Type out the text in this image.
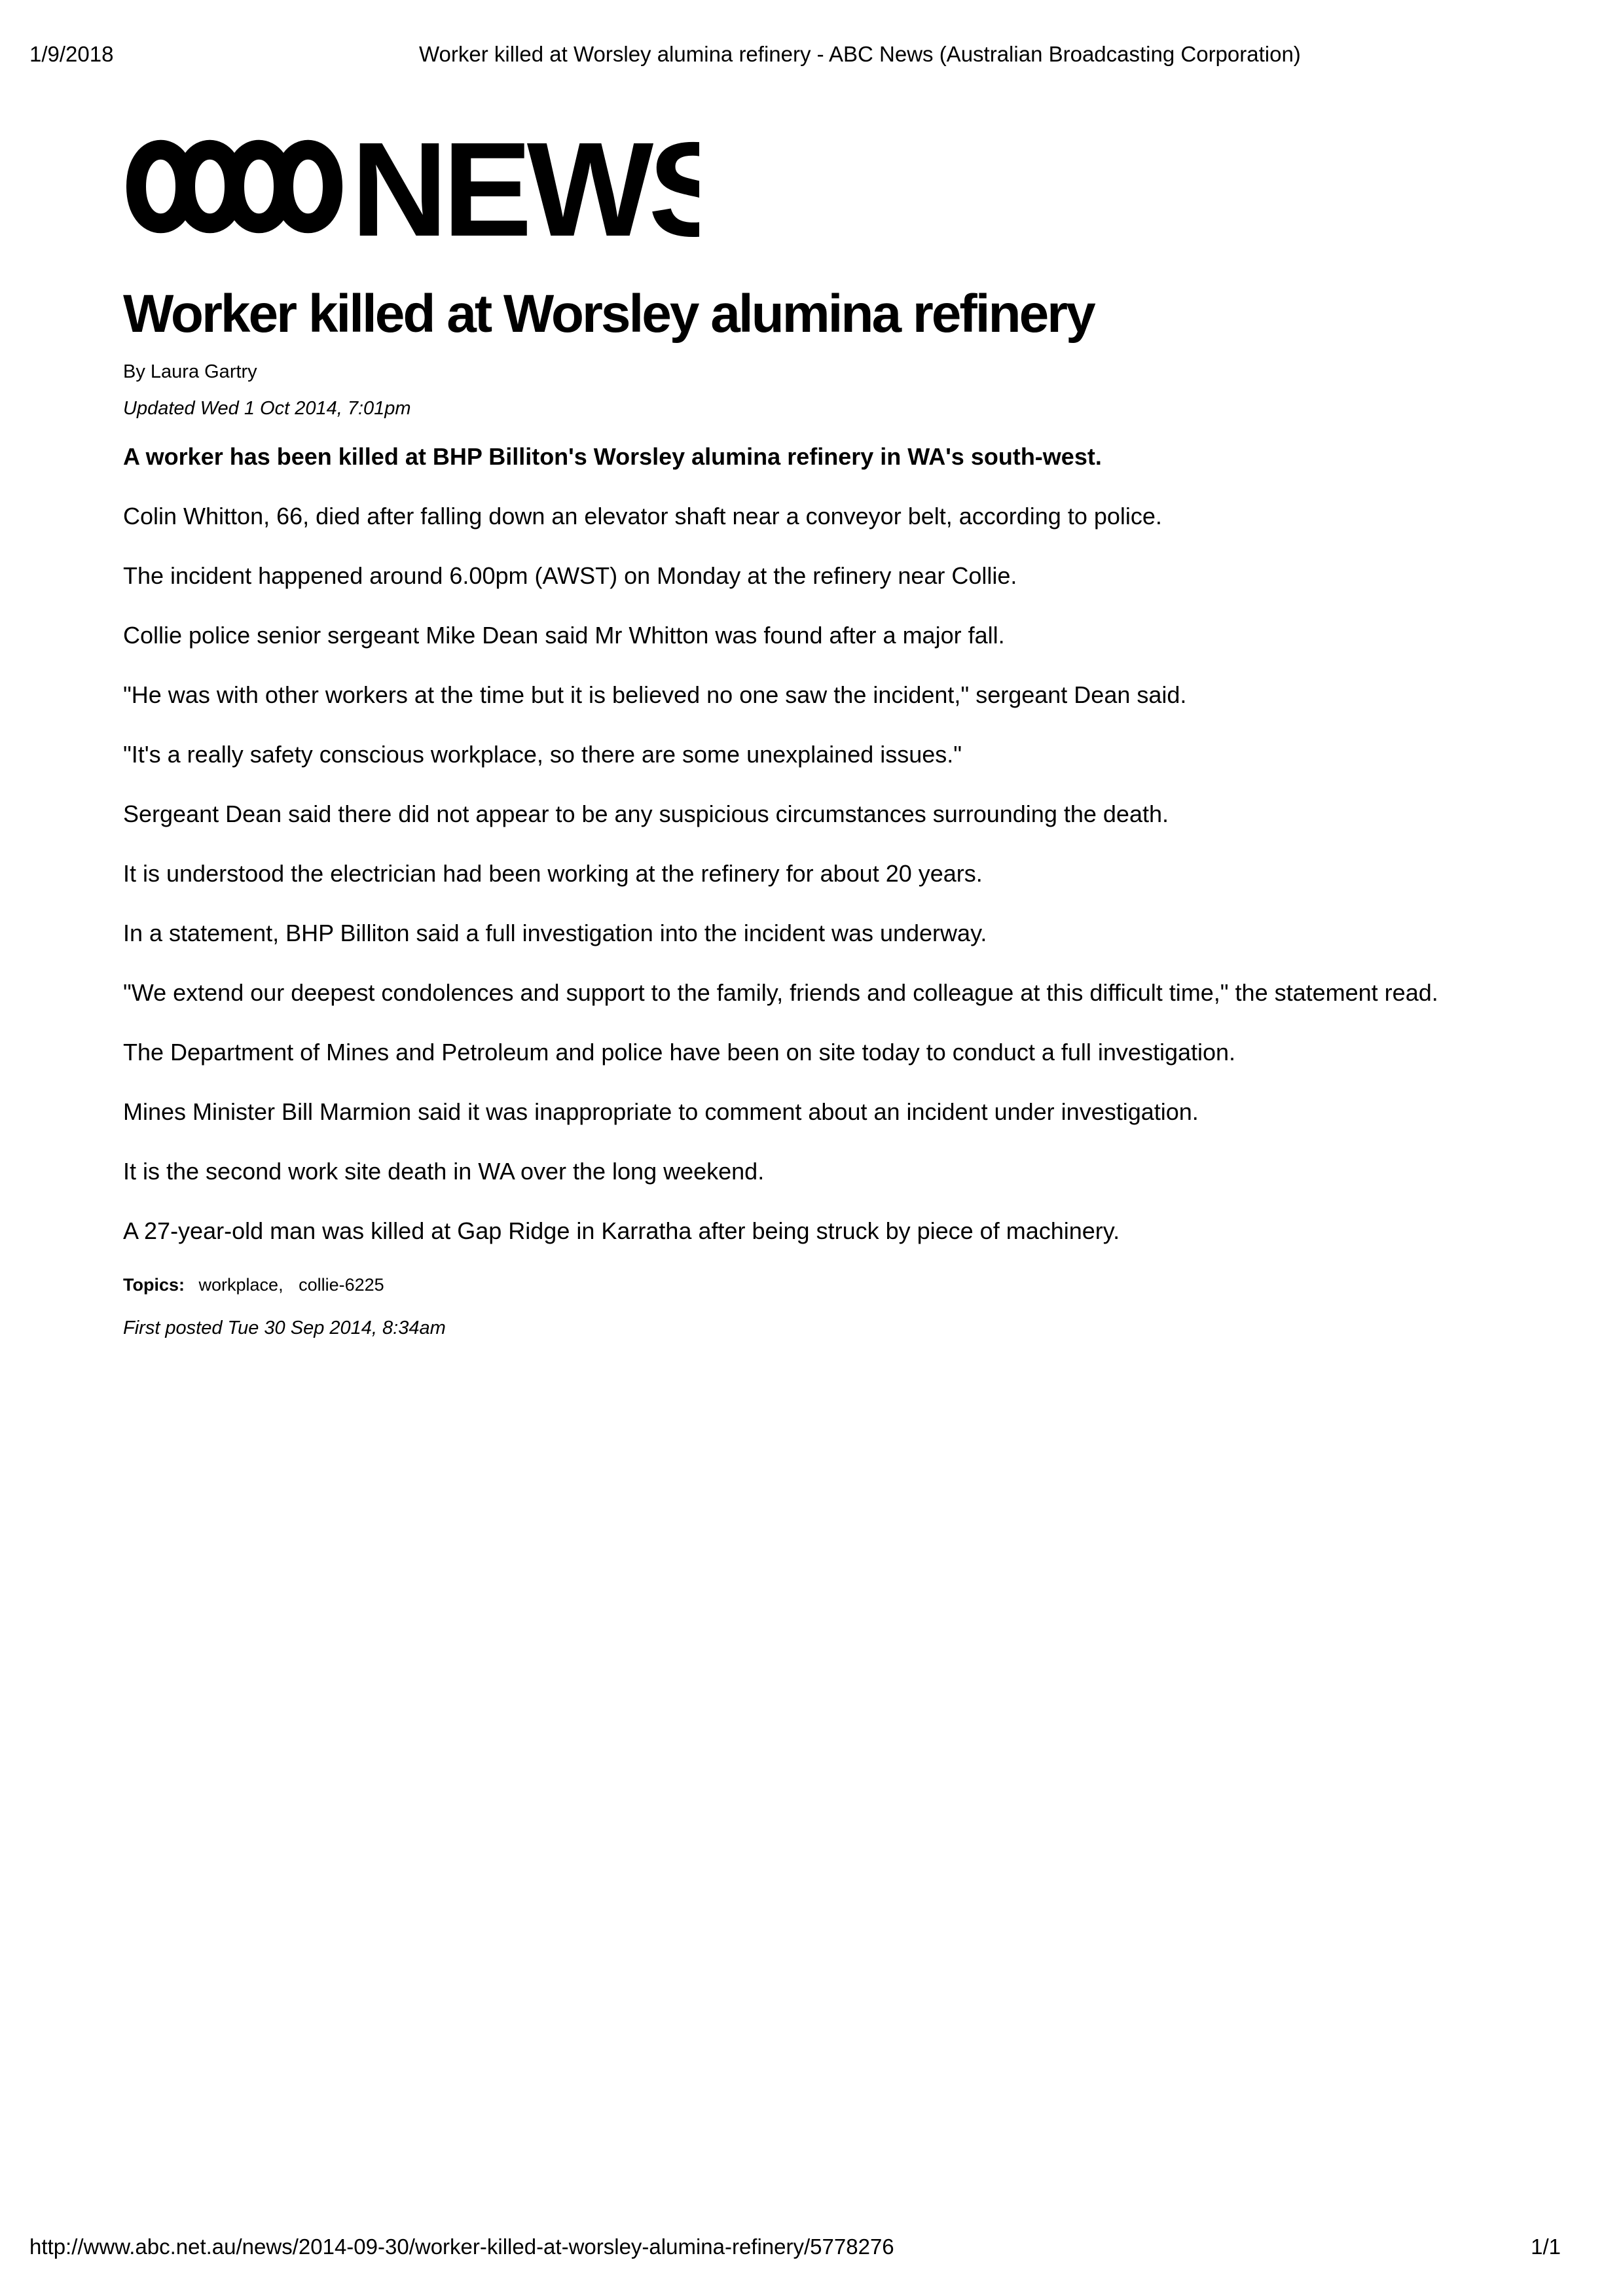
1/9/2018	Worker killed at Worsley alumina refinery - ABC News (Australian Broadcasting Corporation)
NEWS
Worker killed at Worsley alumina refinery
By Laura Gartry
Updated Wed 1 Oct 2014, 7:01pm
A worker has been killed at BHP Billiton's Worsley alumina refinery in WA's south-west.

Colin Whitton, 66, died after falling down an elevator shaft near a conveyor belt, according to police.

The incident happened around 6.00pm (AWST) on Monday at the refinery near Collie.

Collie police senior sergeant Mike Dean said Mr Whitton was found after a major fall.

"He was with other workers at the time but it is believed no one saw the incident," sergeant Dean said.

"It's a really safety conscious workplace, so there are some unexplained issues."

Sergeant Dean said there did not appear to be any suspicious circumstances surrounding the death.

It is understood the electrician had been working at the refinery for about 20 years.

In a statement, BHP Billiton said a full investigation into the incident was underway.

"We extend our deepest condolences and support to the family, friends and colleague at this difficult time," the statement read.

The Department of Mines and Petroleum and police have been on site today to conduct a full investigation.

Mines Minister Bill Marmion said it was inappropriate to comment about an incident under investigation.

It is the second work site death in WA over the long weekend.

A 27-year-old man was killed at Gap Ridge in Karratha after being struck by piece of machinery.

Topics: workplace, collie-6225
First posted Tue 30 Sep 2014, 8:34am
http://www.abc.net.au/news/2014-09-30/worker-killed-at-worsley-alumina-refinery/5778276	1/1
